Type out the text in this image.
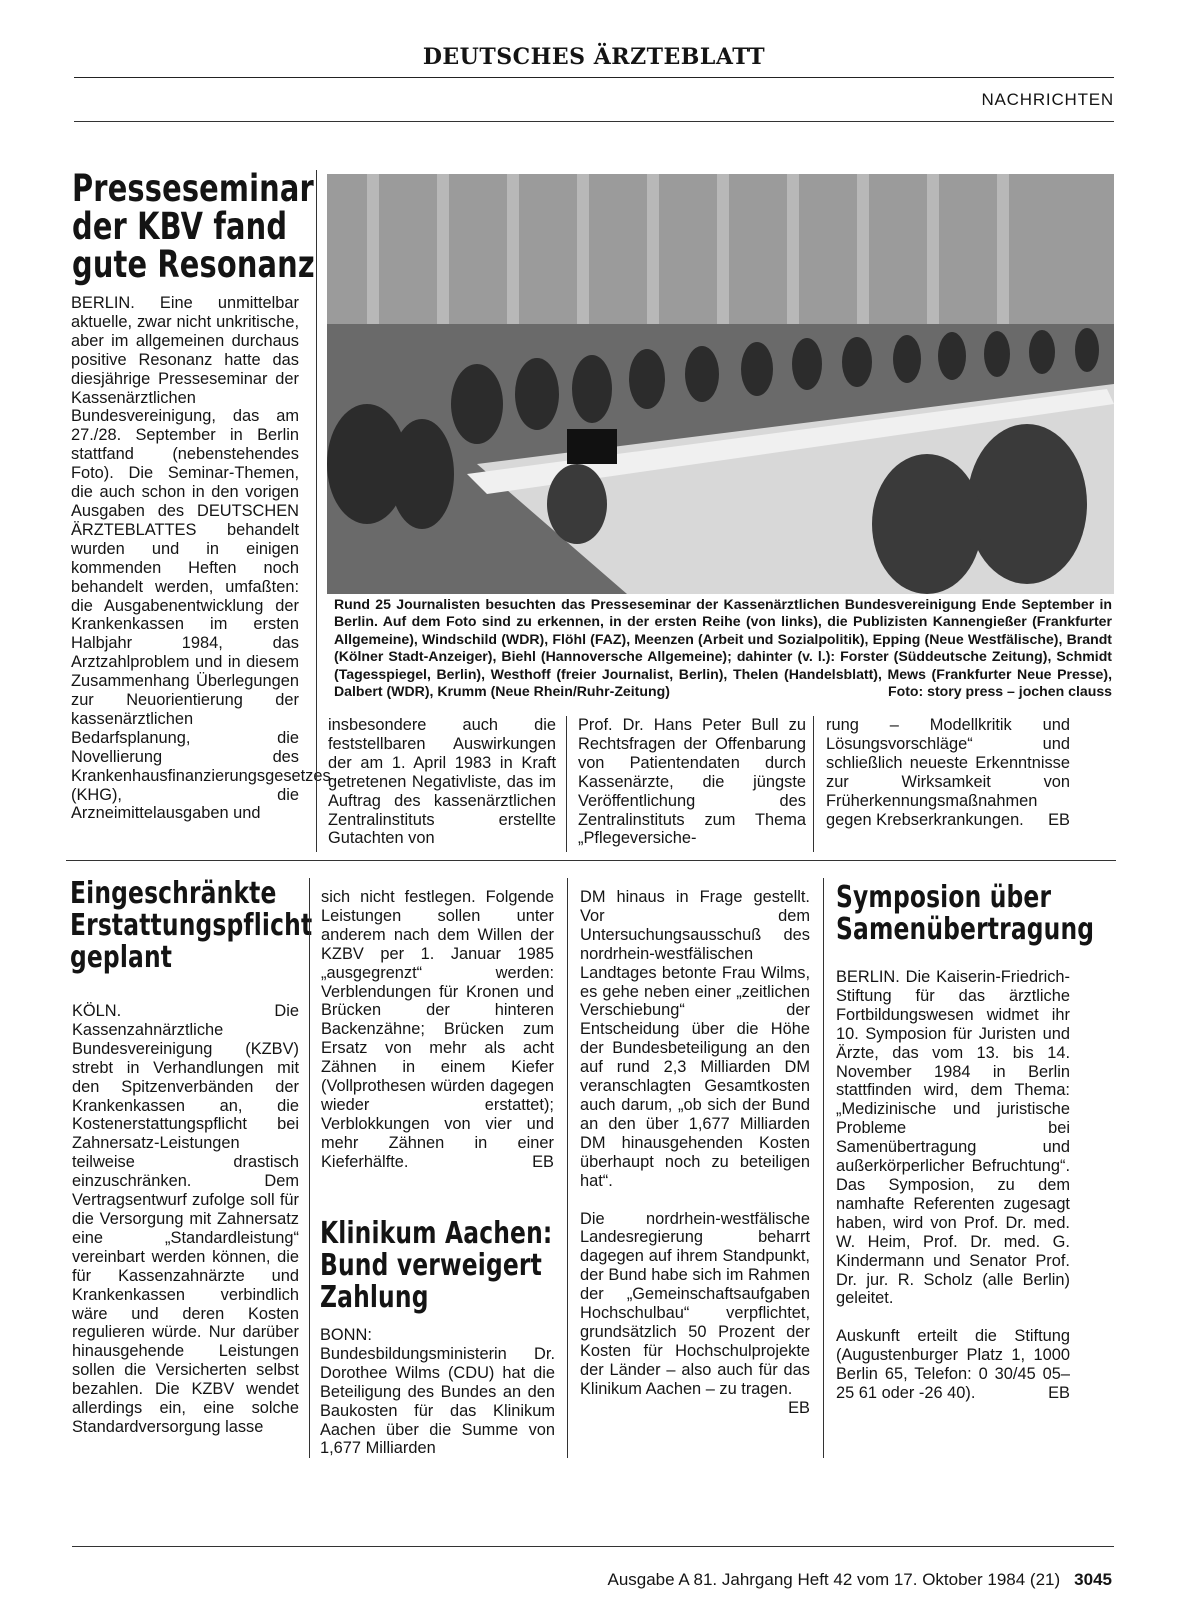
DEUTSCHES ÄRZTEBLATT
NACHRICHTEN
Presseseminar
der KBV fand
gute Resonanz
BERLIN. Eine unmittelbar aktuelle, zwar nicht unkritische, aber im allgemeinen durchaus positive Resonanz hatte das diesjährige Presseseminar der Kassenärztlichen Bundesvereinigung, das am 27./28. September in Berlin stattfand (nebenstehendes Foto). Die Seminar-Themen, die auch schon in den vorigen Ausgaben des DEUTSCHEN ÄRZTEBLATTES behandelt wurden und in einigen kommenden Heften noch behandelt werden, umfaßten: die Ausgabenentwicklung der Krankenkassen im ersten Halbjahr 1984, das Arztzahlproblem und in diesem Zusammenhang Überlegungen zur Neuorientierung der kassenärztlichen Bedarfsplanung, die Novellierung des Krankenhausfinanzierungsgesetzes (KHG), die Arzneimittelausgaben und
Rund 25 Journalisten besuchten das Presseseminar der Kassenärztlichen Bundesvereinigung Ende September in Berlin. Auf dem Foto sind zu erkennen, in der ersten Reihe (von links), die Publizisten Kannengießer (Frankfurter Allgemeine), Windschild (WDR), Flöhl (FAZ), Meenzen (Arbeit und Sozialpolitik), Epping (Neue Westfälische), Brandt (Kölner Stadt-Anzeiger), Biehl (Hannoversche Allgemeine); dahinter (v. l.): Forster (Süddeutsche Zeitung), Schmidt (Tagesspiegel, Berlin), Westhoff (freier Journalist, Berlin), Thelen (Handelsblatt), Mews (Frankfurter Neue Presse), Dalbert (WDR), Krumm (Neue Rhein/Ruhr-Zeitung)	Foto: story press – jochen clauss
insbesondere auch die feststellbaren Auswirkungen der am 1. April 1983 in Kraft getretenen Negativliste, das im Auftrag des kassenärztlichen Zentralinstituts erstellte Gutachten von
Prof. Dr. Hans Peter Bull zu Rechtsfragen der Offenbarung von Patientendaten durch Kassenärzte, die jüngste Veröffentlichung des Zentralinstituts zum Thema „Pflegeversiche-
rung – Modellkritik und Lösungsvorschläge“ und schließlich neueste Erkenntnisse zur Wirksamkeit von Früherkennungsmaßnahmen gegen Krebserkrankungen. EB
Eingeschränkte
Erstattungspflicht
geplant
KÖLN. Die Kassenzahnärztliche Bundesvereinigung (KZBV) strebt in Verhandlungen mit den Spitzenverbänden der Krankenkassen an, die Kostenerstattungspflicht bei Zahnersatz-Leistungen teilweise drastisch einzuschränken. Dem Vertragsentwurf zufolge soll für die Versorgung mit Zahnersatz eine „Standardleistung“ vereinbart werden können, die für Kassenzahnärzte und Krankenkassen verbindlich wäre und deren Kosten regulieren würde. Nur darüber hinausgehende Leistungen sollen die Versicherten selbst bezahlen. Die KZBV wendet allerdings ein, eine solche Standardversorgung lasse
sich nicht festlegen. Folgende Leistungen sollen unter anderem nach dem Willen der KZBV per 1. Januar 1985 „ausgegrenzt“ werden: Verblendungen für Kronen und Brücken der hinteren Backenzähne; Brücken zum Ersatz von mehr als acht Zähnen in einem Kiefer (Vollprothesen würden dagegen wieder erstattet); Verblokkungen von vier und mehr Zähnen in einer Kieferhälfte.	EB
Klinikum Aachen:
Bund verweigert
Zahlung
BONN: Bundesbildungsministerin Dr. Dorothee Wilms (CDU) hat die Beteiligung des Bundes an den Baukosten für das Klinikum Aachen über die Summe von 1,677 Milliarden

DM hinaus in Frage gestellt. Vor dem Untersuchungsausschuß des nordrhein-westfälischen Landtages betonte Frau Wilms, es gehe neben einer „zeitlichen Verschiebung“ der Entscheidung über die Höhe der Bundesbeteiligung an den auf rund 2,3 Milliarden DM veranschlagten Gesamtkosten auch darum, „ob sich der Bund an den über 1,677 Milliarden DM hinausgehenden Kosten überhaupt noch zu beteiligen hat“.

Die nordrhein-westfälische Landesregierung beharrt dagegen auf ihrem Standpunkt, der Bund habe sich im Rahmen der „Gemeinschaftsaufgaben Hochschulbau“ verpflichtet, grundsätzlich 50 Prozent der Kosten für Hochschulprojekte der Länder – also auch für das Klinikum Aachen – zu tragen.
EB

Symposion über
Samenübertragung

BERLIN. Die Kaiserin-Friedrich-Stiftung für das ärztliche Fortbildungswesen widmet ihr 10. Symposion für Juristen und Ärzte, das vom 13. bis 14. November 1984 in Berlin stattfinden wird, dem Thema: „Medizinische und juristische Probleme bei Samenübertragung und außerkörperlicher Befruchtung“. Das Symposion, zu dem namhafte Referenten zugesagt haben, wird von Prof. Dr. med. W. Heim, Prof. Dr. med. G. Kindermann und Senator Prof. Dr. jur. R. Scholz (alle Berlin) geleitet.

Auskunft erteilt die Stiftung (Augustenburger Platz 1, 1000 Berlin 65, Telefon: 0 30/45 05–25 61 oder -26 40).	EB

Ausgabe A 81. Jahrgang Heft 42 vom 17. Oktober 1984 (21) 3045
